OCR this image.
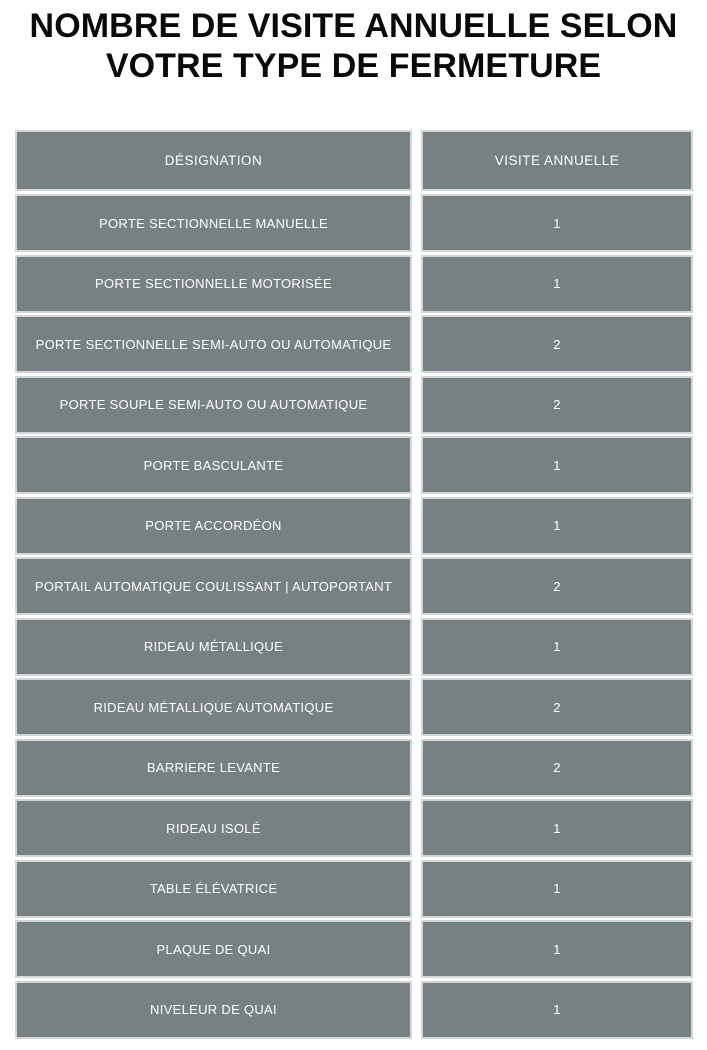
NOMBRE DE VISITE ANNUELLE SELON
VOTRE TYPE DE FERMETURE
DÉSIGNATION	VISITE ANNUELLE
PORTE SECTIONNELLE MANUELLE	1
PORTE SECTIONNELLE MOTORISÉE	1
PORTE SECTIONNELLE SEMI-AUTO OU AUTOMATIQUE	2
PORTE SOUPLE SEMI-AUTO OU AUTOMATIQUE	2
PORTE BASCULANTE	1
PORTE ACCORDÉON	1
PORTAIL AUTOMATIQUE COULISSANT | AUTOPORTANT	2
RIDEAU MÉTALLIQUE	1
RIDEAU MÉTALLIQUE AUTOMATIQUE	2
BARRIERE LEVANTE	2
RIDEAU ISOLÉ	1
TABLE ÉLÉVATRICE	1
PLAQUE DE QUAI	1
NIVELEUR DE QUAI	1
